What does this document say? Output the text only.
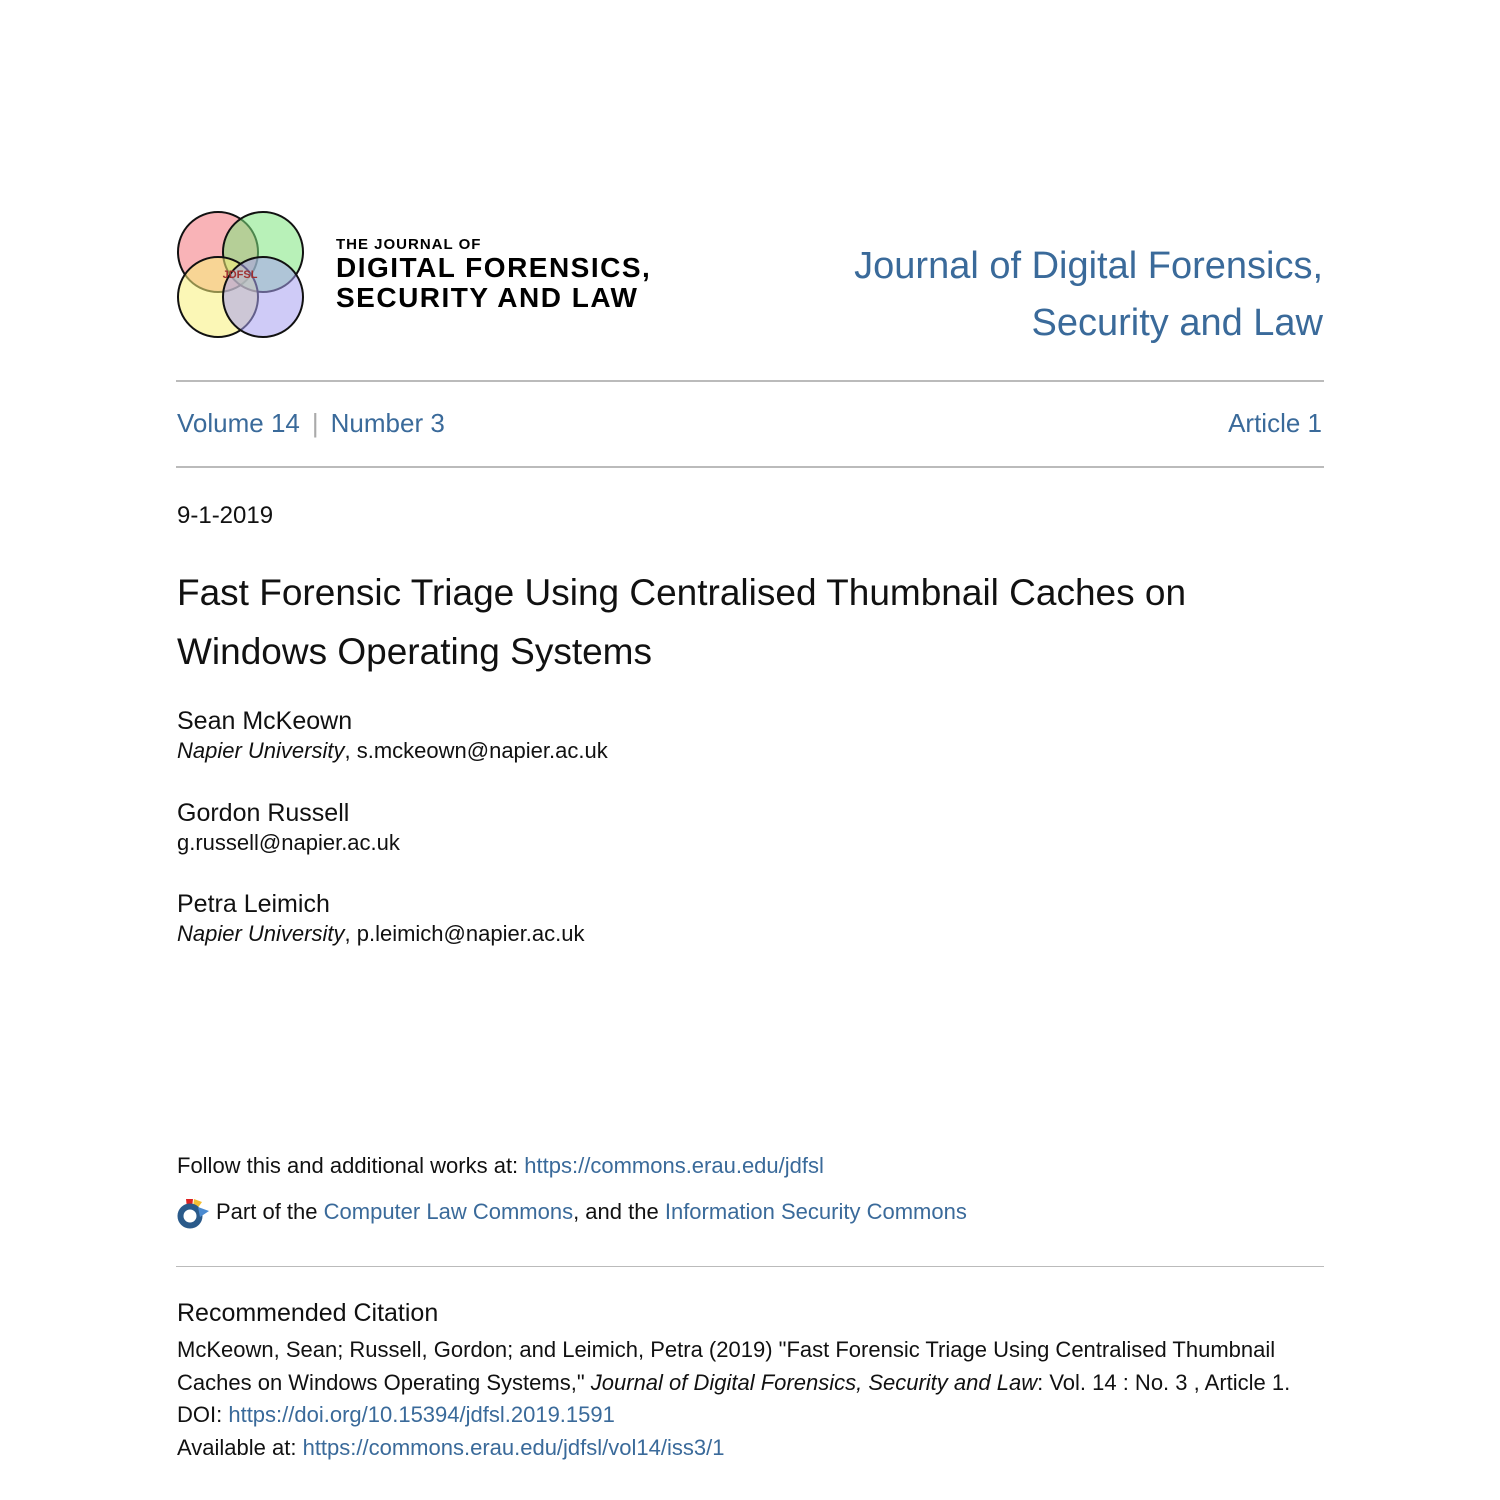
JDFSL
THE JOURNAL OF
DIGITAL FORENSICS,
SECURITY AND LAW
Journal of Digital Forensics,
Security and Law
Volume 14 | Number 3	Article 1
9-1-2019
Fast Forensic Triage Using Centralised Thumbnail Caches on Windows Operating Systems
Sean McKeown
Napier University, s.mckeown@napier.ac.uk
Gordon Russell
g.russell@napier.ac.uk
Petra Leimich
Napier University, p.leimich@napier.ac.uk
Follow this and additional works at: https://commons.erau.edu/jdfsl
Part of the
Computer Law Commons , and the
Information Security Commons
Recommended Citation
McKeown, Sean; Russell, Gordon; and Leimich, Petra (2019) "Fast Forensic Triage Using Centralised Thumbnail Caches on Windows Operating Systems," Journal of Digital Forensics, Security and Law: Vol. 14 : No. 3 , Article 1.
DOI: https://doi.org/10.15394/jdfsl.2019.1591
Available at: https://commons.erau.edu/jdfsl/vol14/iss3/1
